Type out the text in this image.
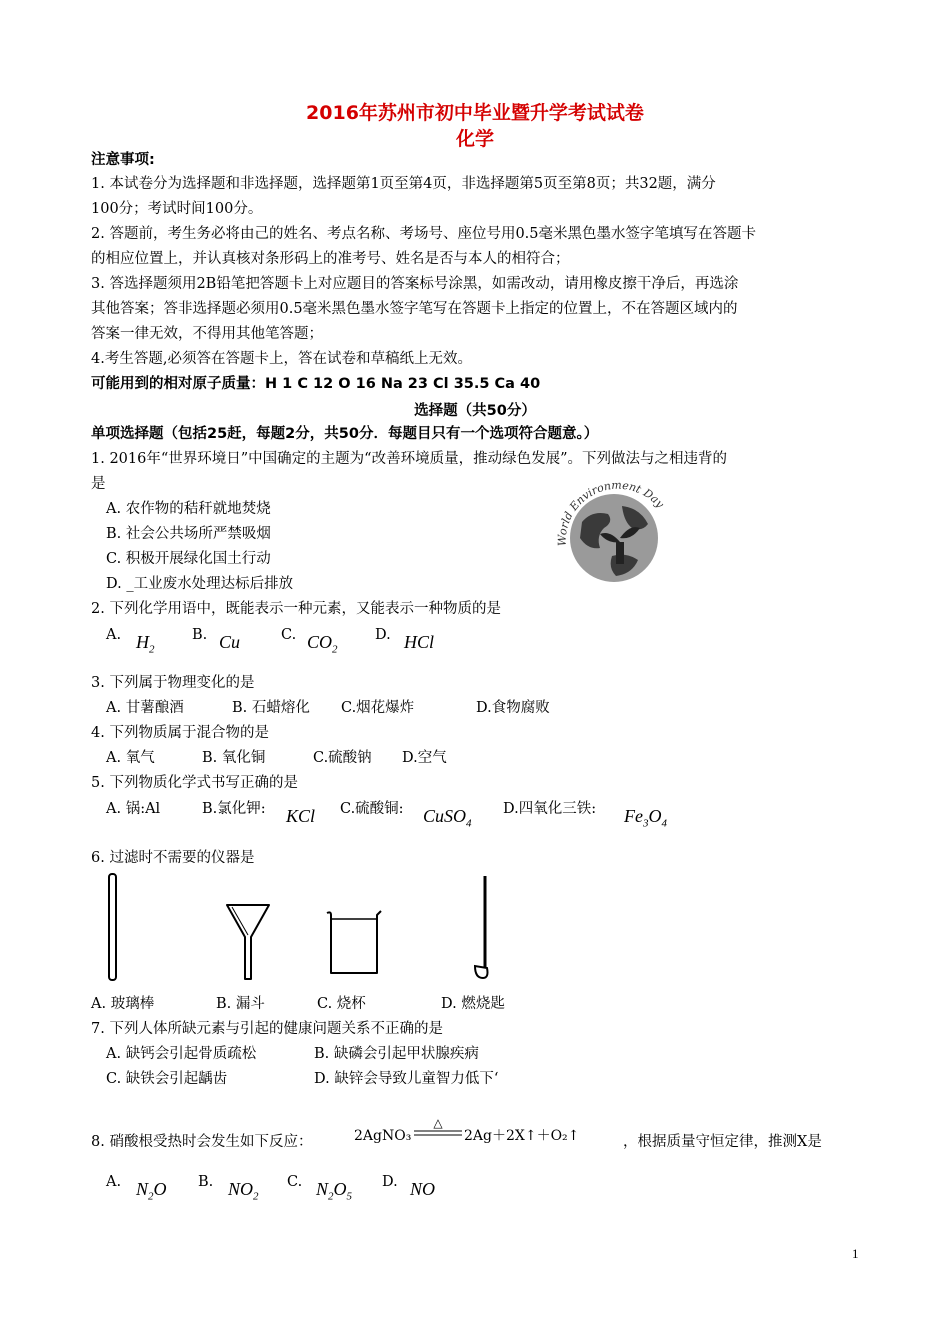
2016年苏州市初中毕业暨升学考试试卷
化学
注意事项:
1. 本试卷分为选择题和非选择题，选择题第1页至第4页，非选择题第5页至第8页；共32题，满分
100分；考试时间100分。
2. 答题前，考生务必将由己的姓名、考点名称、考场号、座位号用0.5毫米黑色墨水签字笔填写在答题卡
的相应位置上，并认真核对条形码上的准考号、姓名是否与本人的相符合；
3. 答选择题须用2B铅笔把答题卡上对应题目的答案标号涂黑，如需改动，请用橡皮擦干净后，再选涂
其他答案；答非选择题必须用0.5毫米黑色墨水签字笔写在答题卡上指定的位置上，不在答题区域内的
答案一律无效，不得用其他笔答题；
4.考生答题,必须答在答题卡上，答在试卷和草稿纸上无效。
可能用到的相对原子质量：H 1 C 12 O 16 Na 23 Cl 35.5 Ca 40
选择题（共50分）
单项选择题（包括25赶，每题2分，共50分．每题目只有一个选项符合题意。）
1. 2016年“世界环境日”中国确定的主题为“改善环境质量，推动绿色发展”。下列做法与之相违背的
是
A. 农作物的秸秆就地焚烧
B. 社会公共场所严禁吸烟
C. 积极开展绿化国土行动
D. _工业废水处理达标后排放
World Environment Day
2. 下列化学用语中，既能表示一种元素，又能表示一种物质的是
A. $H_2$
B. Cu	C. $CO_2$
D. HCl
3. 下列属于物理变化的是
A. 甘薯酿酒	B. 石蜡熔化 C.烟花爆炸	D.食物腐败
4. 下列物质属于混合物的是
A. 氧气	B. 氧化铜	C.硫酸钠 D.空气
5. 下列物质化学式书写正确的是
A. 锅:Al	B.氯化钾: KCl C.硫酸铜: CuSO$_4$
D.四氧化三铁: $Fe_3O_4$
6. 过滤时不需要的仪器是
A. 玻璃棒	B. 漏斗	C. 烧杯	D. 燃烧匙
7. 下列人体所缺元素与引起的健康问题关系不正确的是
A. 缺钙会引起骨质疏松	B. 缺磷会引起甲状腺疾病
C. 缺铁会引起龋齿	D. 缺锌会导致儿童智力低下‘
8. 硝酸根受热时会发生如下反应：	2AgNO₃
△
2Ag＋2X↑＋O₂↑	，根据质量守恒定律，推测X是
A. $N_2O$ B. $NO_2$
C. $N_2O_5$
D. NO
1
